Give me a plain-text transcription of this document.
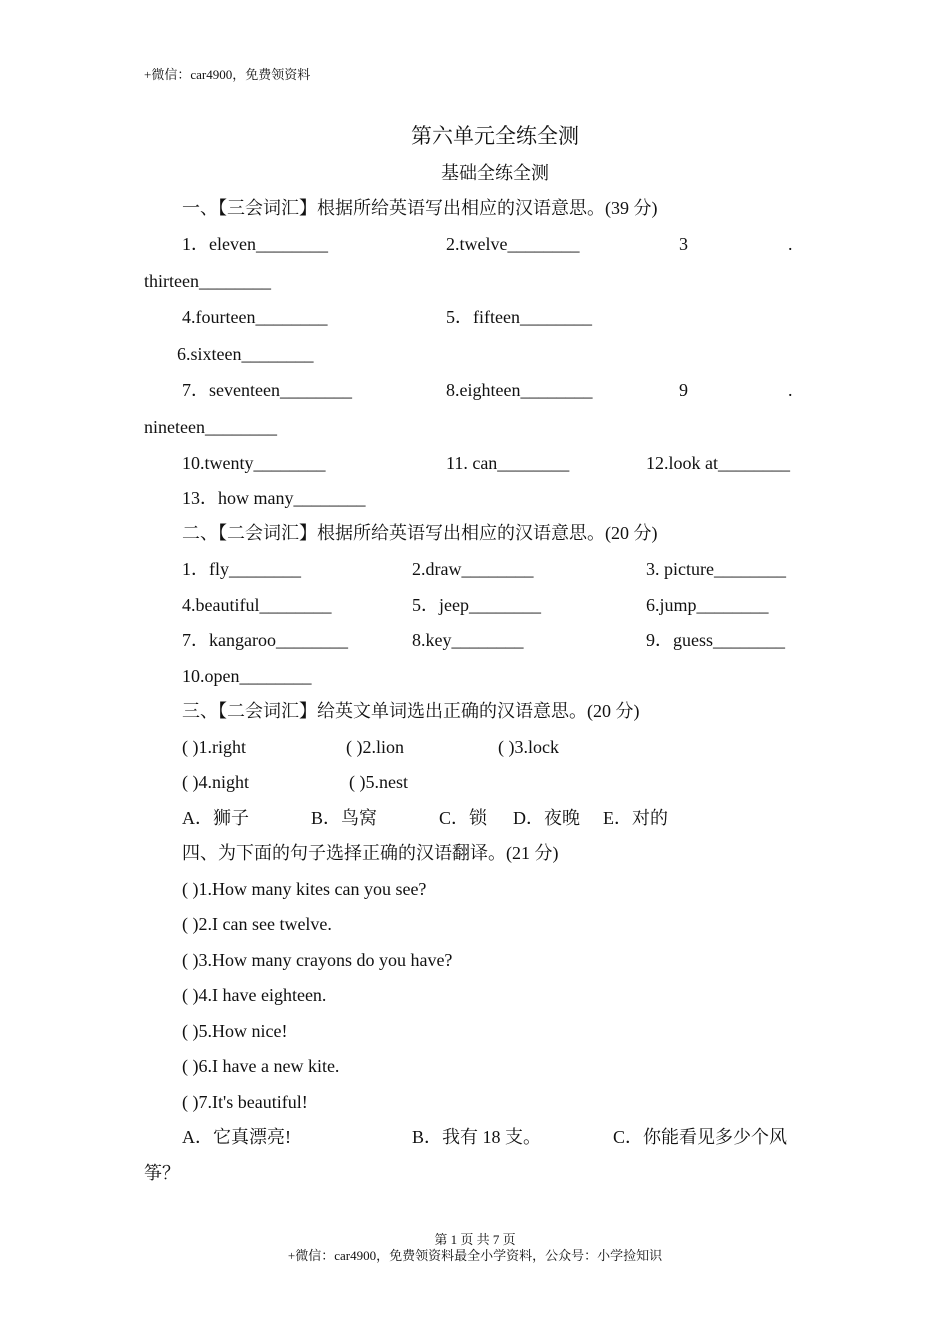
+微信：car4900，免费领资料
第六单元全练全测
基础全练全测
一、【三会词汇】根据所给英语写出相应的汉语意思。(39 分)
1．eleven________	2.twelve________	3	.
thirteen________
4.fourteen________	5．fifteen________
6.sixteen________
7．seventeen________	8.eighteen________	9	.
nineteen________
10.twenty________	11. can________	12.look at________
13．how many________
二、【二会词汇】根据所给英语写出相应的汉语意思。(20 分)
1．fly________	2.draw________	3. picture________
4.beautiful________	5．jeep________	6.jump________
7．kangaroo________	8.key________	9．guess________
10.open________
三、【二会词汇】给英文单词选出正确的汉语意思。(20 分)
( )1.right	( )2.lion	( )3.lock
( )4.night	( )5.nest
A．狮子	B．鸟窝	C．锁 D．夜晚 E．对的
四、为下面的句子选择正确的汉语翻译。(21 分)
( )1.How many kites can you see?
( )2.I can see twelve.
( )3.How many crayons do you have?
( )4.I have eighteen.
( )5.How nice!
( )6.I have a new kite.
( )7.It's beautiful!
A．它真漂亮!	B．我有 18 支。	C．你能看见多少个风
筝？
第 1 页 共 7 页
+微信：car4900，免费领资料最全小学资料，公众号：小学捡知识
